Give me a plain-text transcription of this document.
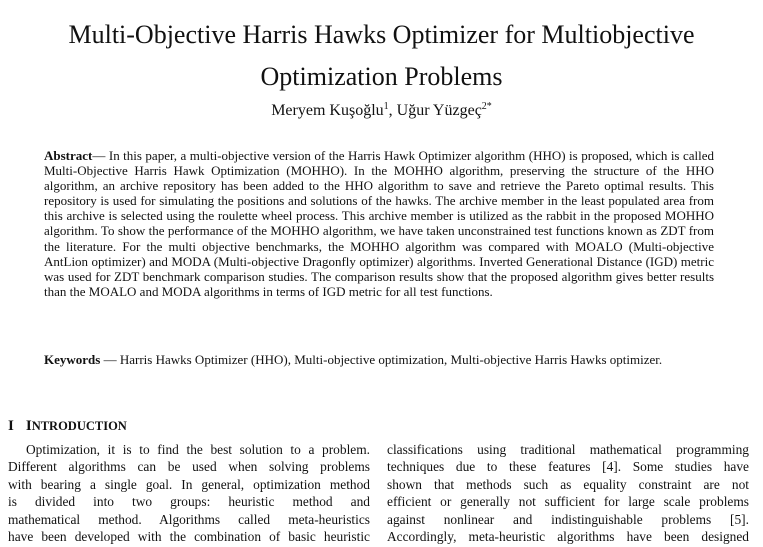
Multi-Objective Harris Hawks Optimizer for Multiobjective
Optimization Problems
Meryem Kuşoğlu$^1$, Uğur Yüzgeç$^{2*}$

Abstract— In this paper, a multi-objective version of the Harris Hawk Optimizer algorithm (HHO) is proposed, which is called Multi-Objective Harris Hawk Optimization (MOHHO). In the MOHHO algorithm, preserving the structure of the HHO algorithm, an archive repository has been added to the HHO algorithm to save and retrieve the Pareto optimal results. This repository is used for simulating the positions and solutions of the hawks. The archive member in the least populated area from this archive is selected using the roulette wheel process. This archive member is utilized as the rabbit in the proposed MOHHO algorithm. To show the performance of the MOHHO algorithm, we have taken unconstrained test functions known as ZDT from the literature. For the multi objective benchmarks, the MOHHO algorithm was compared with MOALO (Multi-objective AntLion optimizer) and MODA (Multi-objective Dragonfly optimizer) algorithms. Inverted Generational Distance (IGD) metric was used for ZDT benchmark comparison studies. The comparison results show that the proposed algorithm gives better results than the MOALO and MODA algorithms in terms of IGD metric for all test functions.

Keywords — Harris Hawks Optimizer (HHO), Multi-objective optimization, Multi-objective Harris Hawks optimizer.

I INTRODUCTION
Optimization, it is to find the best solution to a problem.
Different algorithms can be used when solving problems
with bearing a single goal. In general, optimization method
is divided into two groups: heuristic method and
mathematical method. Algorithms called meta-heuristics
have been developed with the combination of basic heuristic
classifications using traditional mathematical programming
techniques due to these features [4]. Some studies have
shown that methods such as equality constraint are not
efficient or generally not sufficient for large scale problems
against nonlinear and indistinguishable problems [5].
Accordingly, meta-heuristic algorithms have been designed
